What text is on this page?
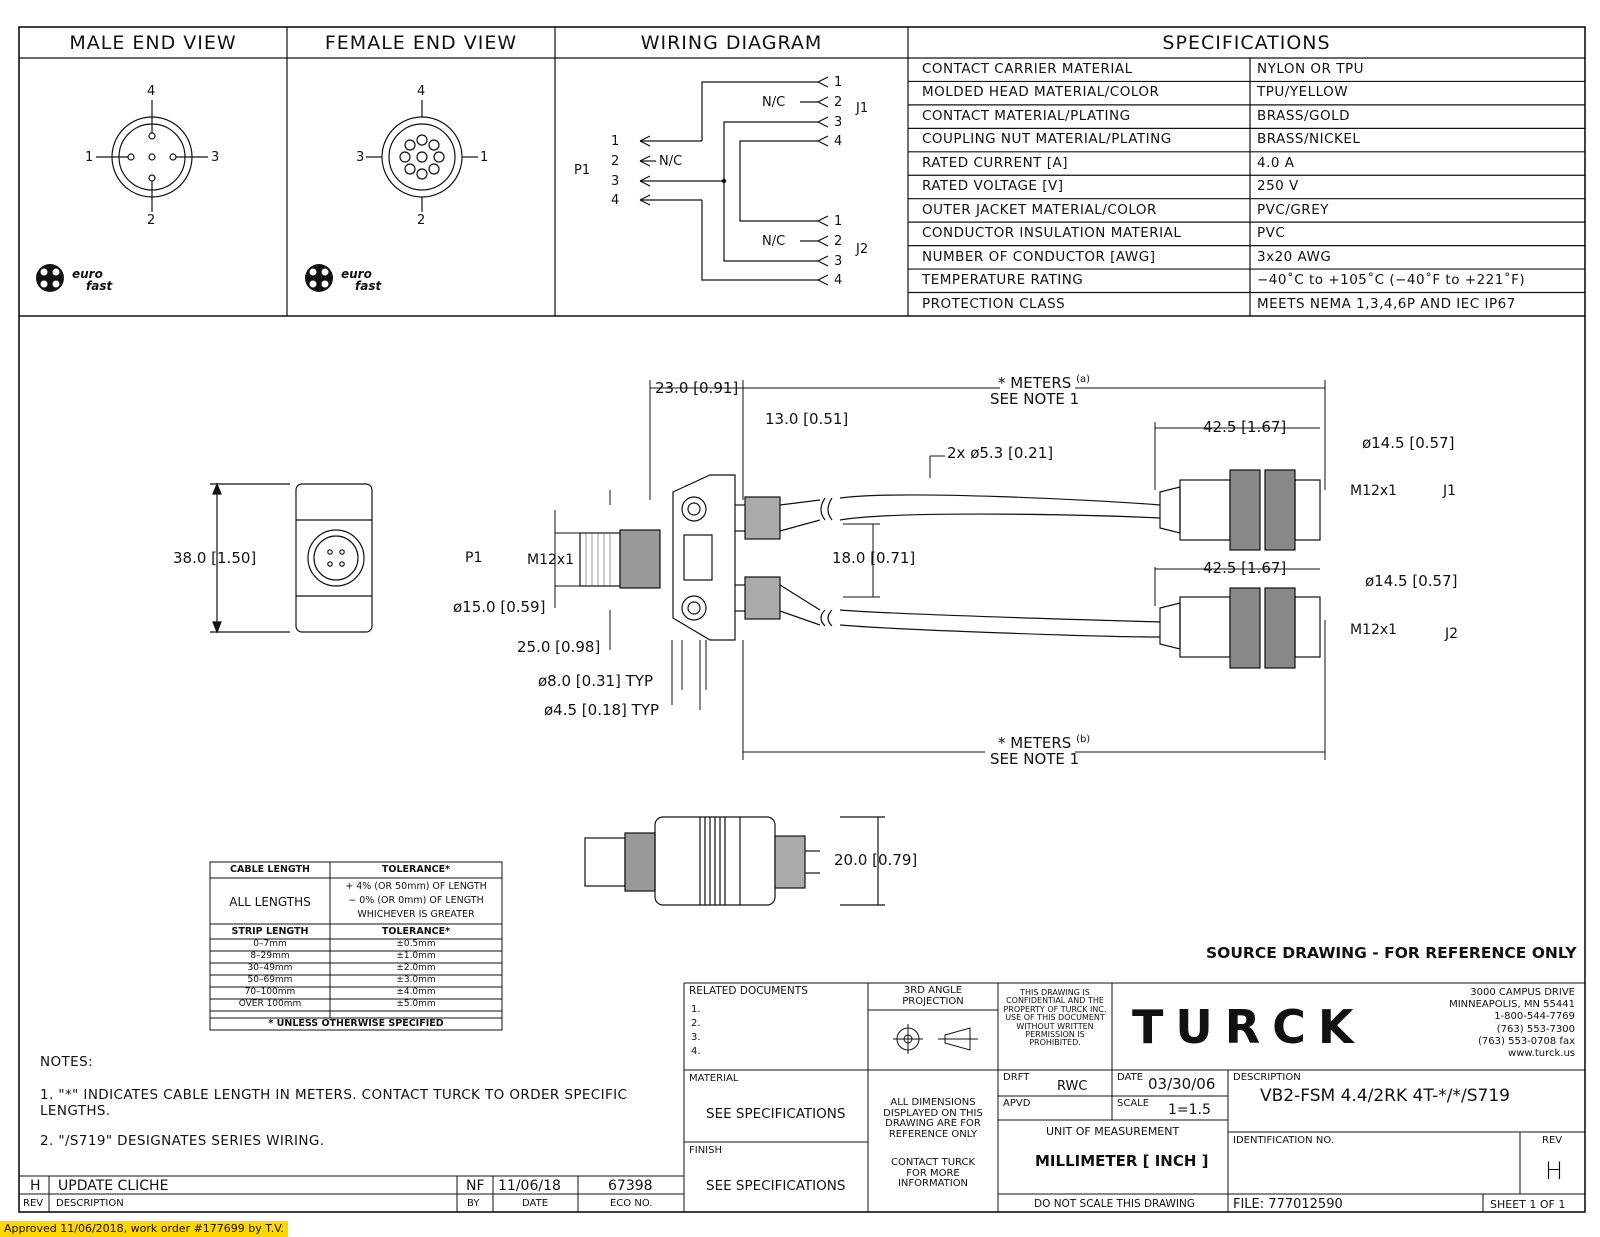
MALE END VIEW	FEMALE END VIEW	WIRING DIAGRAM	SPECIFICATIONS
4
1	3
2
4
3	1
2
euro
fast
euro
fast
P1
1
2
3
4
N/C
J1
1
2
3
4
N/C
J2
1
2
3
4
N/C
CONTACT CARRIER MATERIAL	NYLON OR TPU
MOLDED HEAD MATERIAL/COLOR	TPU/YELLOW
CONTACT MATERIAL/PLATING	BRASS/GOLD
COUPLING NUT MATERIAL/PLATING	BRASS/NICKEL
RATED CURRENT [A]	4.0 A
RATED VOLTAGE [V]	250 V
OUTER JACKET MATERIAL/COLOR	PVC/GREY
CONDUCTOR INSULATION MATERIAL	PVC
NUMBER OF CONDUCTOR [AWG]	3x20 AWG
TEMPERATURE RATING	−40˚C to +105˚C (−40˚F to +221˚F)
PROTECTION CLASS	MEETS NEMA 1,3,4,6P AND IEC IP67
23.0 [0.91]
13.0 [0.51]
* METERS $^{(a)}$
SEE NOTE 1
42.5 [1.67]
ø14.5 [0.57]
M12x1	J1
2x ø5.3 [0.21]
38.0 [1.50]	P1	M12x1	18.0 [0.71]
ø15.0 [0.59]
25.0 [0.98]
ø8.0 [0.31] TYP
ø4.5 [0.18] TYP
42.5 [1.67]
ø14.5 [0.57]
M12x1	J2
* METERS $^{(b)}$
SEE NOTE 1
20.0 [0.79]
CABLE LENGTH	TOLERANCE*
ALL LENGTHS
+ 4% (OR 50mm) OF LENGTH
− 0% (OR 0mm) OF LENGTH
WHICHEVER IS GREATER
STRIP LENGTH	TOLERANCE*
0–7mm	±0.5mm
8–29mm	±1.0mm
30–49mm	±2.0mm
50–69mm	±3.0mm
70–100mm	±4.0mm
OVER 100mm	±5.0mm
* UNLESS OTHERWISE SPECIFIED
SOURCE DRAWING - FOR REFERENCE ONLY
NOTES:
1. "*" INDICATES CABLE LENGTH IN METERS. CONTACT TURCK TO ORDER SPECIFIC LENGTHS.
2. "/S719" DESIGNATES SERIES WIRING.
H UPDATE CLICHE	NF 11/06/18	67398
REV DESCRIPTION	BY	DATE	ECO NO.
RELATED DOCUMENTS
1.
2.
3.
4.
3RD ANGLE PROJECTION
THIS DRAWING IS CONFIDENTIAL AND THE PROPERTY OF TURCK INC. USE OF THIS DOCUMENT WITHOUT WRITTEN PERMISSION IS PROHIBITED.	TURCK
3000 CAMPUS DRIVE
MINNEAPOLIS, MN 55441
1-800-544-7769
(763) 553-7300
(763) 553-0708 fax
www.turck.us
MATERIAL
SEE SPECIFICATIONS
FINISH
SEE SPECIFICATIONS
ALL DIMENSIONS DISPLAYED ON THIS DRAWING ARE FOR REFERENCE ONLY
CONTACT TURCK FOR MORE INFORMATION
DRFT
RWC
DATE 03/30/06
APVD	SCALE 1=1.5
UNIT OF MEASUREMENT
MILLIMETER [ INCH ]
DO NOT SCALE THIS DRAWING
DESCRIPTION
VB2-FSM 4.4/2RK 4T-*/*/S719
IDENTIFICATION NO.	REV
H
FILE: 777012590	SHEET 1 OF 1
Approved 11/06/2018, work order #177699 by T.V.
